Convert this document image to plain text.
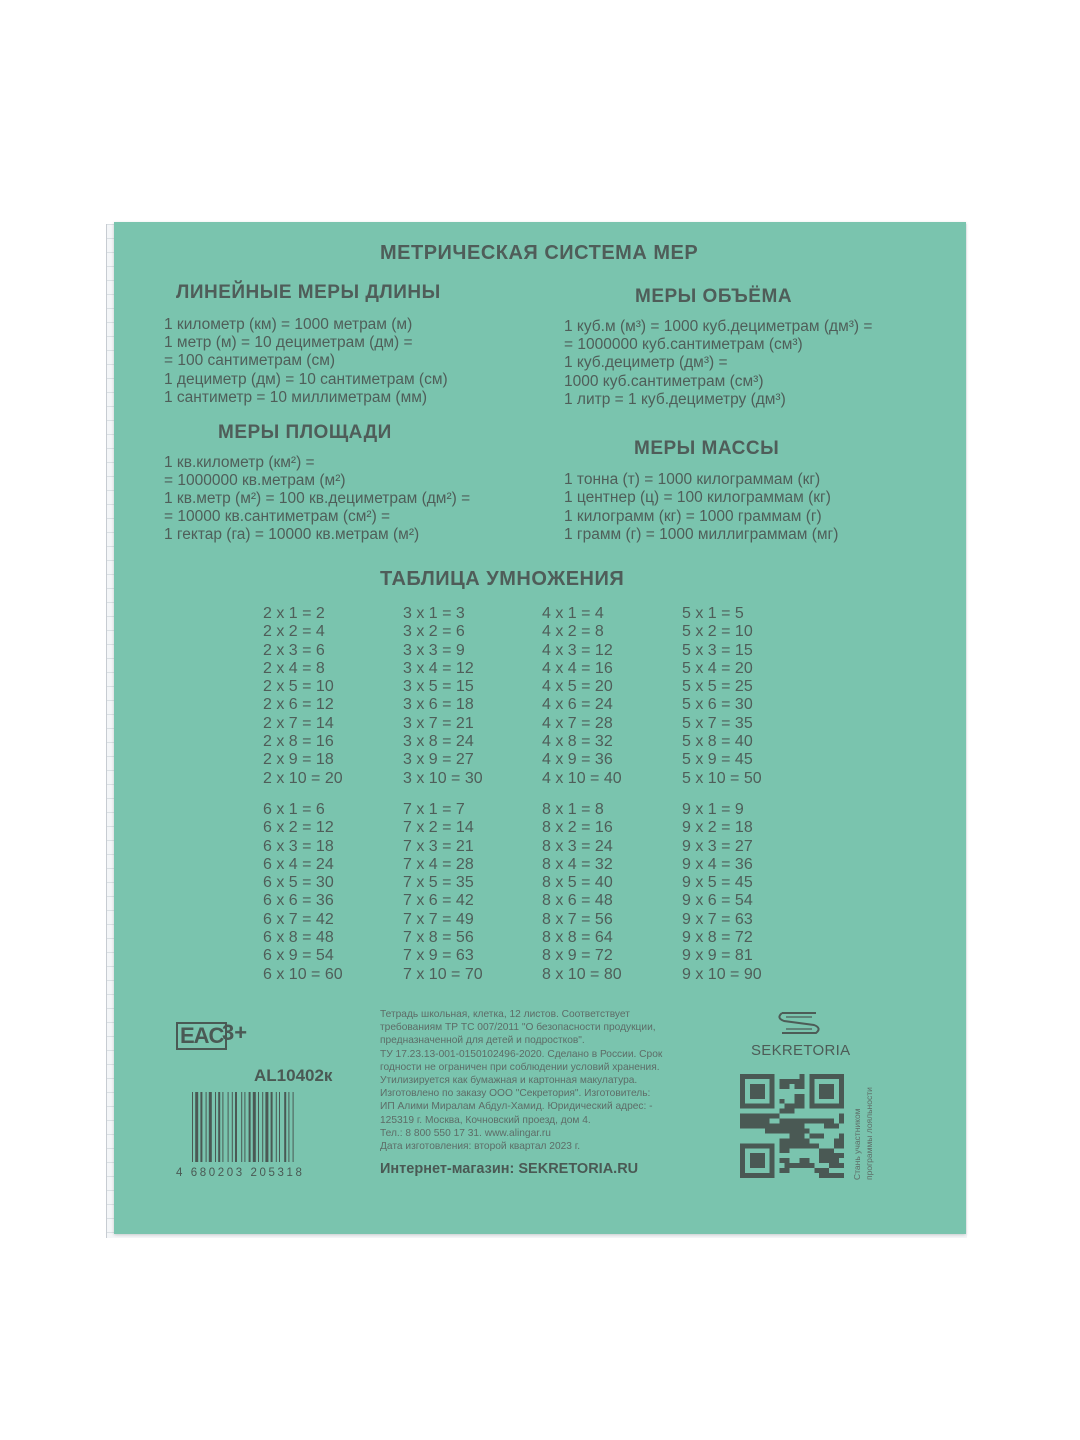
МЕТРИЧЕСКАЯ СИСТЕМА МЕР
ЛИНЕЙНЫЕ МЕРЫ ДЛИНЫ
1 километр (км) = 1000 метрам (м)
1 метр (м) = 10 дециметрам (дм) =
= 100 сантиметрам (см)
1 дециметр (дм) = 10 сантиметрам (см)
1 сантиметр = 10 миллиметрам (мм)
МЕРЫ ПЛОЩАДИ
1 кв.километр (км²) =
= 1000000 кв.метрам (м²)
1 кв.метр (м²) = 100 кв.дециметрам (дм²) =
= 10000 кв.сантиметрам (см²) =
1 гектар (га) = 10000 кв.метрам (м²)
МЕРЫ ОБЪЁМА
1 куб.м (м³) = 1000 куб.дециметрам (дм³) =
= 1000000 куб.сантиметрам (см³)
1 куб.дециметр (дм³) =
1000 куб.сантиметрам (см³)
1 литр = 1 куб.дециметру (дм³)
МЕРЫ МАССЫ
1 тонна (т) = 1000 килограммам (кг)
1 центнер (ц) = 100 килограммам (кг)
1 килограмм (кг) = 1000 граммам (г)
1 грамм (г) = 1000 миллиграммам (мг)
ТАБЛИЦА УМНОЖЕНИЯ
2 x 1 = 2
2 x 2 = 4
2 x 3 = 6
2 x 4 = 8
2 x 5 = 10
2 x 6 = 12
2 x 7 = 14
2 x 8 = 16
2 x 9 = 18
2 x 10 = 20
3 x 1 = 3
3 x 2 = 6
3 x 3 = 9
3 x 4 = 12
3 x 5 = 15
3 x 6 = 18
3 x 7 = 21
3 x 8 = 24
3 x 9 = 27
3 x 10 = 30
4 x 1 = 4
4 x 2 = 8
4 x 3 = 12
4 x 4 = 16
4 x 5 = 20
4 x 6 = 24
4 x 7 = 28
4 x 8 = 32
4 x 9 = 36
4 x 10 = 40
5 x 1 = 5
5 x 2 = 10
5 x 3 = 15
5 x 4 = 20
5 x 5 = 25
5 x 6 = 30
5 x 7 = 35
5 x 8 = 40
5 x 9 = 45
5 x 10 = 50
6 x 1 = 6
6 x 2 = 12
6 x 3 = 18
6 x 4 = 24
6 x 5 = 30
6 x 6 = 36
6 x 7 = 42
6 x 8 = 48
6 x 9 = 54
6 x 10 = 60
7 x 1 = 7
7 x 2 = 14
7 x 3 = 21
7 x 4 = 28
7 x 5 = 35
7 x 6 = 42
7 x 7 = 49
7 x 8 = 56
7 x 9 = 63
7 x 10 = 70
8 x 1 = 8
8 x 2 = 16
8 x 3 = 24
8 x 4 = 32
8 x 5 = 40
8 x 6 = 48
8 x 7 = 56
8 x 8 = 64
8 x 9 = 72
8 x 10 = 80
9 x 1 = 9
9 x 2 = 18
9 x 3 = 27
9 x 4 = 36
9 x 5 = 45
9 x 6 = 54
9 x 7 = 63
9 x 8 = 72
9 x 9 = 81
9 x 10 = 90
EAC
3+
AL10402к
4 680203 205318
Тетрадь школьная, клетка, 12 листов. Соответствует
требованиям ТР ТС 007/2011 "О безопасности продукции,
предназначенной для детей и подростков".
ТУ 17.23.13-001-0150102496-2020. Сделано в России. Срок
годности не ограничен при соблюдении условий хранения.
Утилизируется как бумажная и картонная макулатура.
Изготовлено по заказу ООО "Секретория". Изготовитель:
ИП Алими Миралам Абдул-Хамид. Юридический адрес: -
125319 г. Москва, Кочновский проезд, дом 4.
Тел.: 8 800 550 17 31. www.alingar.ru
Дата изготовления: второй квартал 2023 г.
Интернет-магазин: SEKRETORIA.RU
SEKRETORIA
Стань участником программы лояльности
